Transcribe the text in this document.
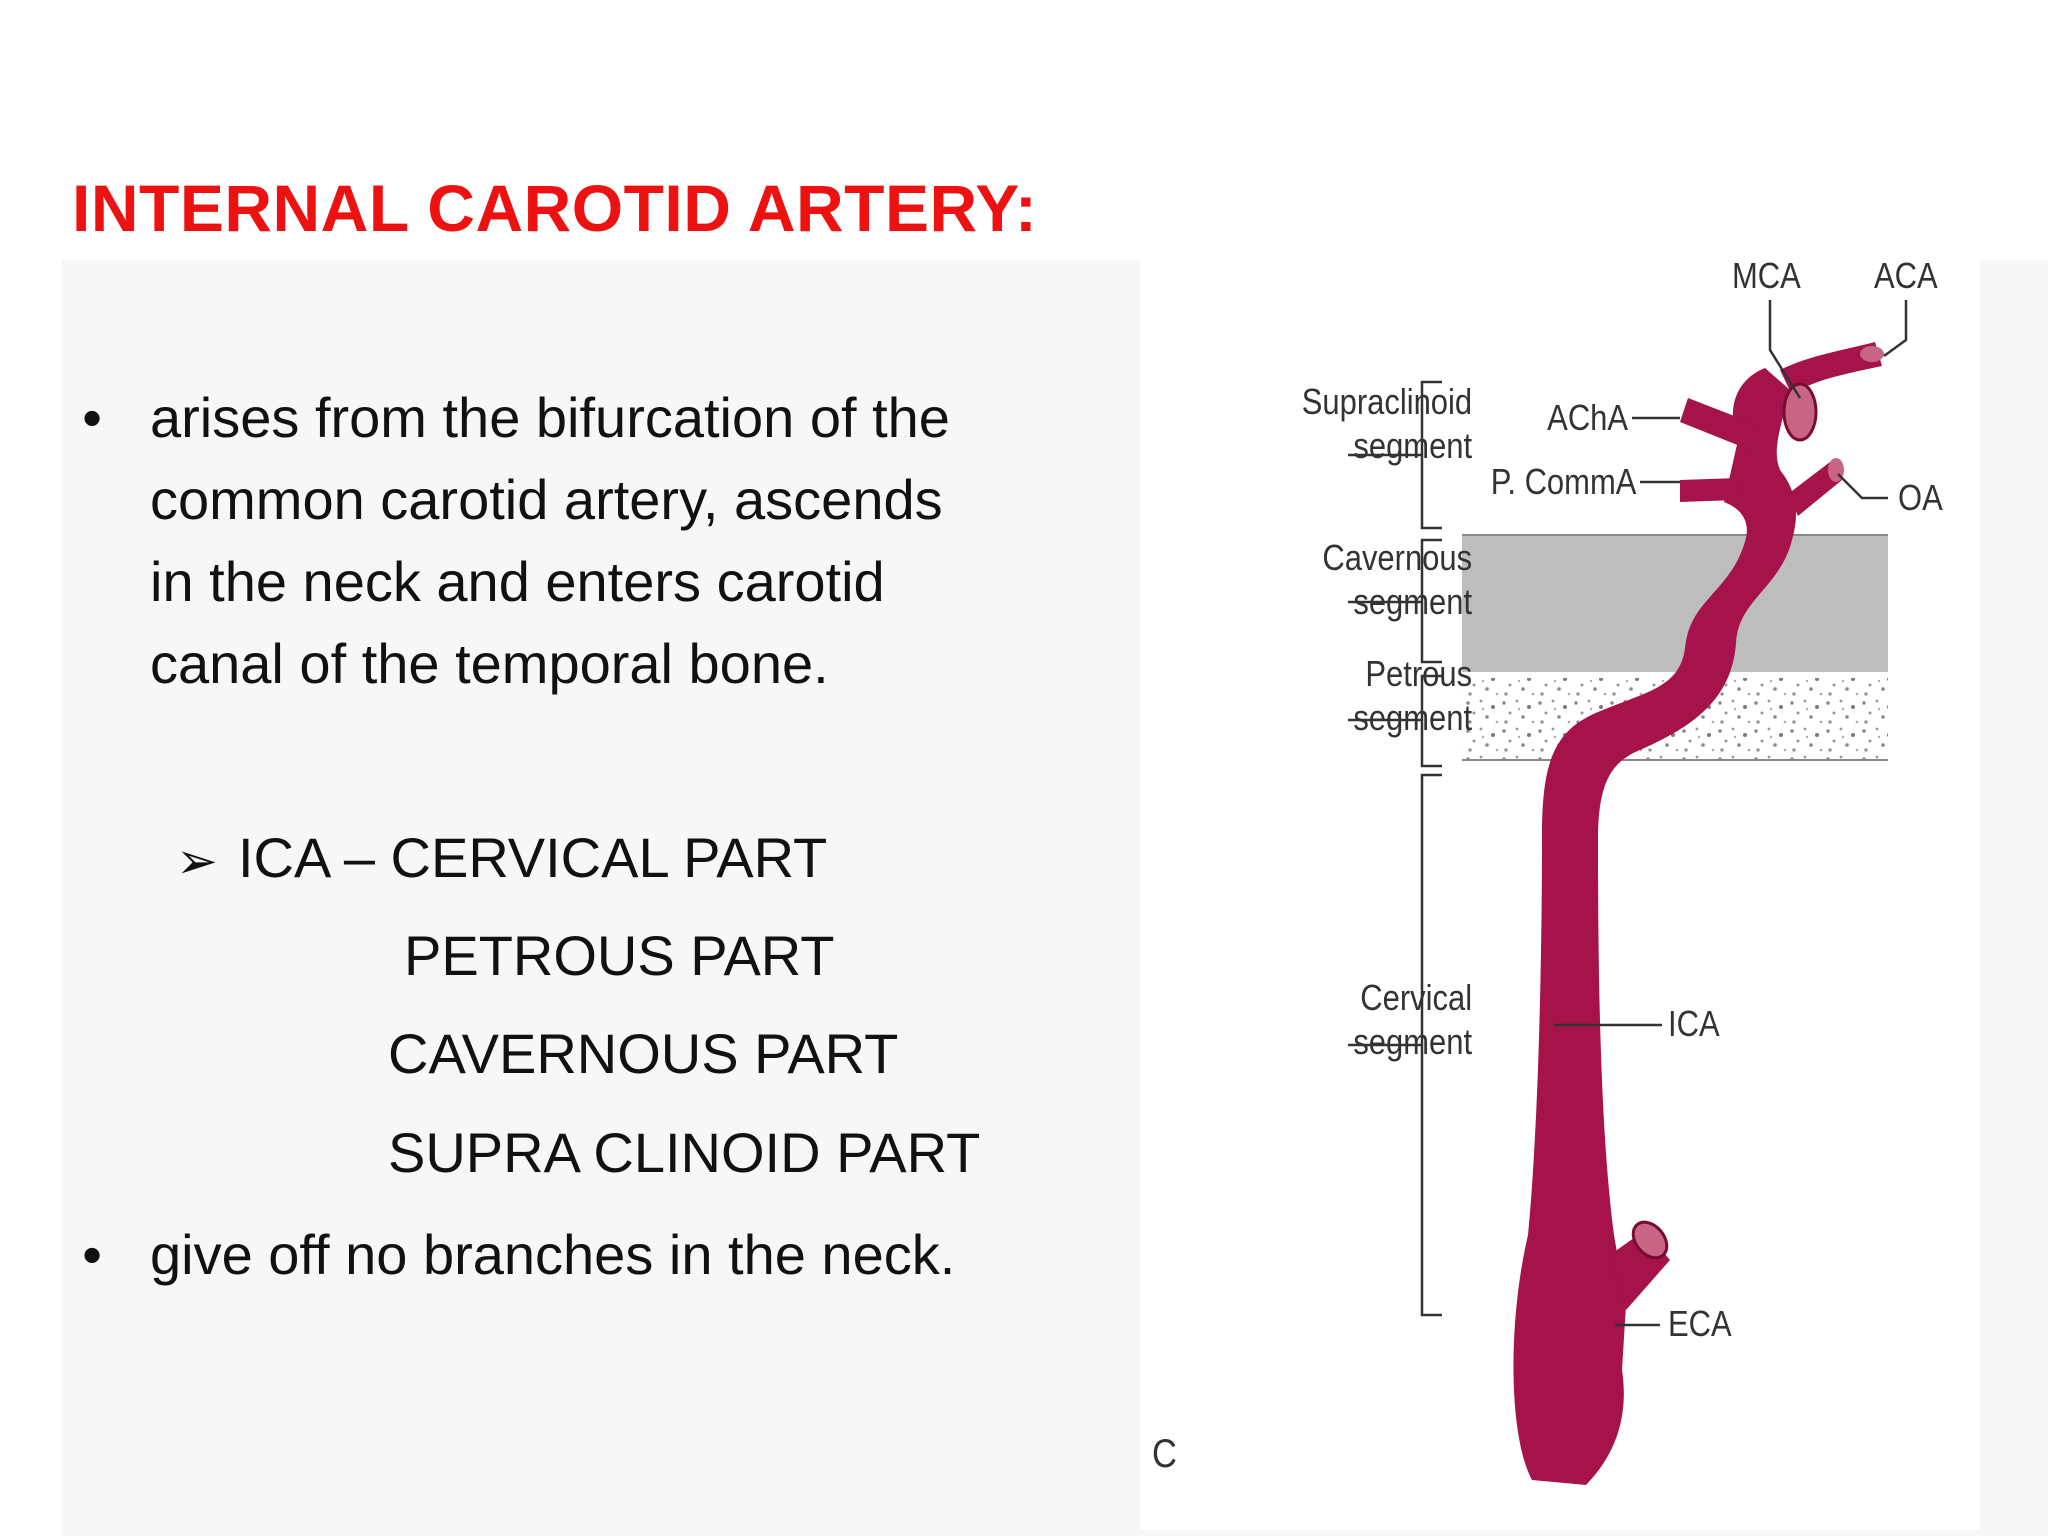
INTERNAL CAROTID ARTERY:
• arises from the bifurcation of the
common carotid artery, ascends
in the neck and enters carotid
canal of the temporal bone.
➢ ICA – CERVICAL PART
PETROUS PART
CAVERNOUS PART
SUPRA CLINOID PART
• give off no branches in the neck.
Supraclinoid
segment
Cavernous
segment
Petrous
segment
Cervical
segment
MCA ACA
AChA
P. CommA	OA
ICA
ECA
C
